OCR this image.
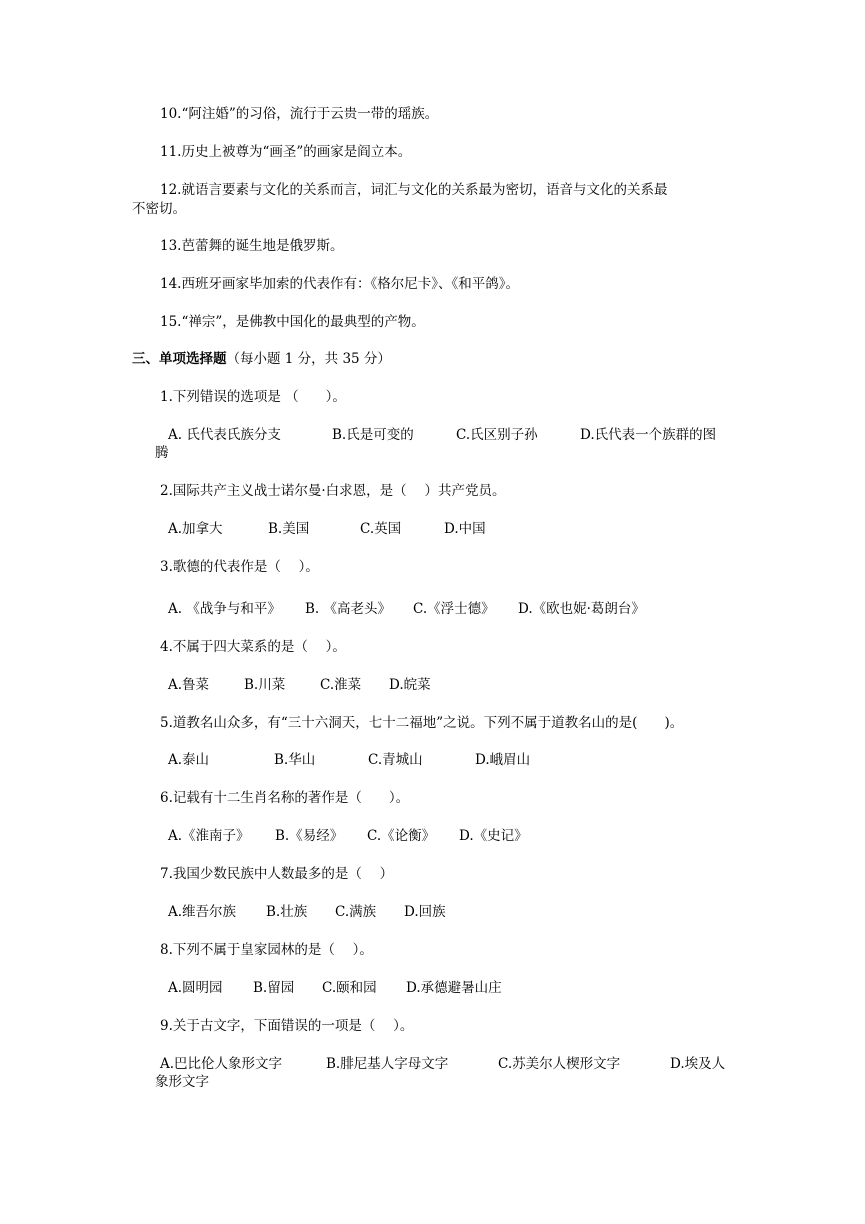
10.“阿注婚”的习俗，流行于云贵一带的瑶族。
11.历史上被尊为“画圣”的画家是阎立本。
12.就语言要素与文化的关系而言，词汇与文化的关系最为密切，语音与文化的关系最
不密切。
13.芭蕾舞的诞生地是俄罗斯。
14.西班牙画家毕加索的代表作有：《格尔尼卡》、《和平鸽》。
15.“禅宗”，是佛教中国化的最典型的产物。
三、单项选择题（每小题 1 分，共 35 分）
1.下列错误的选项是 （　　）。
A. 氏代表氏族分支	B.氏是可变的	C.氏区别子孙	D.氏代表一个族群的图
腾
2.国际共产主义战士诺尔曼·白求恩，是（　 ）共产党员。
A.加拿大	B.美国	C.英国	D.中国
3.歌德的代表作是（　 ）。
A. 《战争与和平》 B. 《高老头》 C.《浮士德》 D.《欧也妮·葛朗台》
4.不属于四大菜系的是（　 ）。
A.鲁菜	B.川菜	C.淮菜 D.皖菜
5.道教名山众多，有“三十六洞天，七十二福地”之说。下列不属于道教名山的是(　　)。
A.泰山	B.华山	C.青城山	D.峨眉山
6.记载有十二生肖名称的著作是（　　）。
A.《淮南子》 B.《易经》 C.《论衡》 D.《史记》
7.我国少数民族中人数最多的是（　 ）
A.维吾尔族 B.壮族 C.满族 D.回族
8.下列不属于皇家园林的是（　 ）。
A.圆明园 B.留园 C.颐和园 D.承德避暑山庄
9.关于古文字，下面错误的一项是（　 ）。
A.巴比伦人象形文字	B.腓尼基人字母文字	C.苏美尔人楔形文字	D.埃及人
象形文字
